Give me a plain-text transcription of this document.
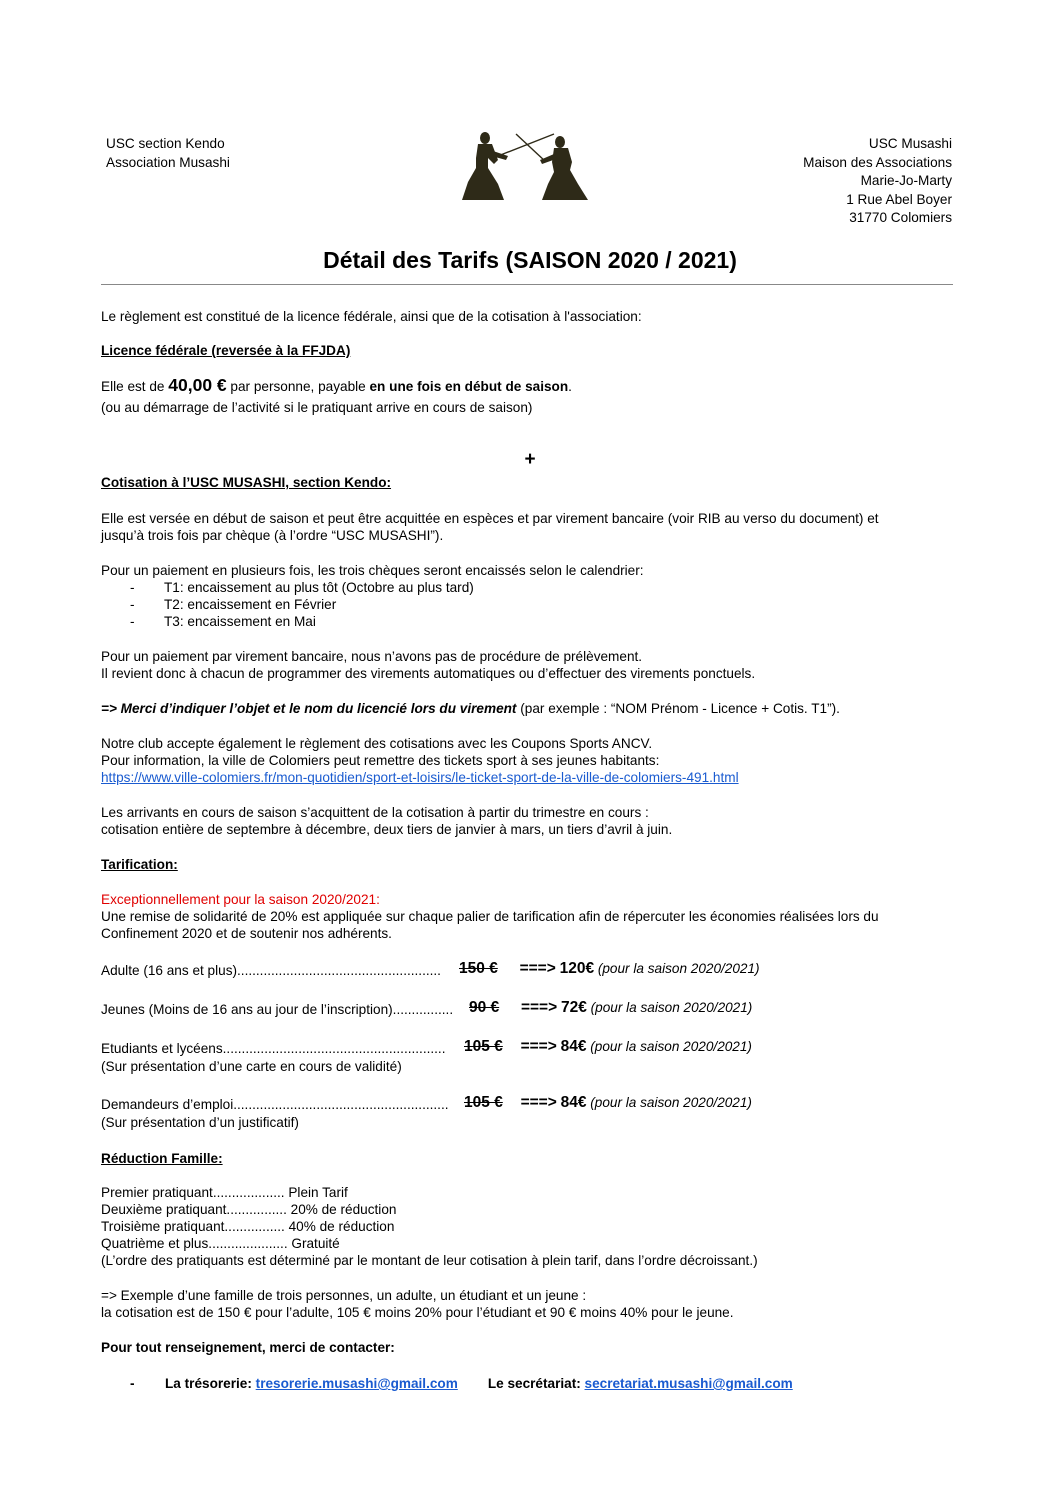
USC section Kendo
Association Musashi
USC Musashi
Maison des Associations
Marie-Jo-Marty
1 Rue Abel Boyer
31770 Colomiers
Détail des Tarifs (SAISON 2020 / 2021)
Le règlement est constitué de la licence fédérale, ainsi que de la cotisation à l'association:
Licence fédérale (reversée à la FFJDA)
Elle est de 40,00 € par personne, payable en une fois en début de saison.
(ou au démarrage de l’activité si le pratiquant arrive en cours de saison)
+
Cotisation à l’USC MUSASHI, section Kendo:
Elle est versée en début de saison et peut être acquittée en espèces et par virement bancaire (voir RIB au verso du document) et
jusqu’à trois fois par chèque (à l’ordre “USC MUSASHI”).
Pour un paiement en plusieurs fois, les trois chèques seront encaissés selon le calendrier:
- T1: encaissement au plus tôt (Octobre au plus tard)
- T2: encaissement en Février
- T3: encaissement en Mai
Pour un paiement par virement bancaire, nous n’avons pas de procédure de prélèvement.
Il revient donc à chacun de programmer des virements automatiques ou d’effectuer des virements ponctuels.
=> Merci d’indiquer l’objet et le nom du licencié lors du virement (par exemple : “NOM Prénom - Licence + Cotis. T1”).
Notre club accepte également le règlement des cotisations avec les Coupons Sports ANCV.
Pour information, la ville de Colomiers peut remettre des tickets sport à ses jeunes habitants:
https://www.ville-colomiers.fr/mon-quotidien/sport-et-loisirs/le-ticket-sport-de-la-ville-de-colomiers-491.html
Les arrivants en cours de saison s’acquittent de la cotisation à partir du trimestre en cours :
cotisation entière de septembre à décembre, deux tiers de janvier à mars, un tiers d’avril à juin.
Tarification:
Exceptionnellement pour la saison 2020/2021:
Une remise de solidarité de 20% est appliquée sur chaque palier de tarification afin de répercuter les économies réalisées lors du
Confinement 2020 et de soutenir nos adhérents.
Adulte (16 ans et plus)......................................................	150 € ===> 120€ (pour la saison 2020/2021)
Jeunes (Moins de 16 ans au jour de l’inscription)................	90 € ===> 72€ (pour la saison 2020/2021)
Etudiants et lycéens...........................................................	105 € ===> 84€ (pour la saison 2020/2021)
(Sur présentation d’une carte en cours de validité)
Demandeurs d’emploi......................................................... 105 € ===> 84€ (pour la saison 2020/2021)
(Sur présentation d’un justificatif)
Réduction Famille:
Premier pratiquant................... Plein Tarif
Deuxième pratiquant................ 20% de réduction
Troisième pratiquant................ 40% de réduction
Quatrième et plus..................... Gratuité
(L’ordre des pratiquants est déterminé par le montant de leur cotisation à plein tarif, dans l’ordre décroissant.)
=> Exemple d’une famille de trois personnes, un adulte, un étudiant et un jeune :
la cotisation est de 150 € pour l’adulte, 105 € moins 20% pour l’étudiant et 90 € moins 40% pour le jeune.
Pour tout renseignement, merci de contacter:
- La trésorerie: tresorerie.musashi@gmail.com Le secrétariat: secretariat.musashi@gmail.com
